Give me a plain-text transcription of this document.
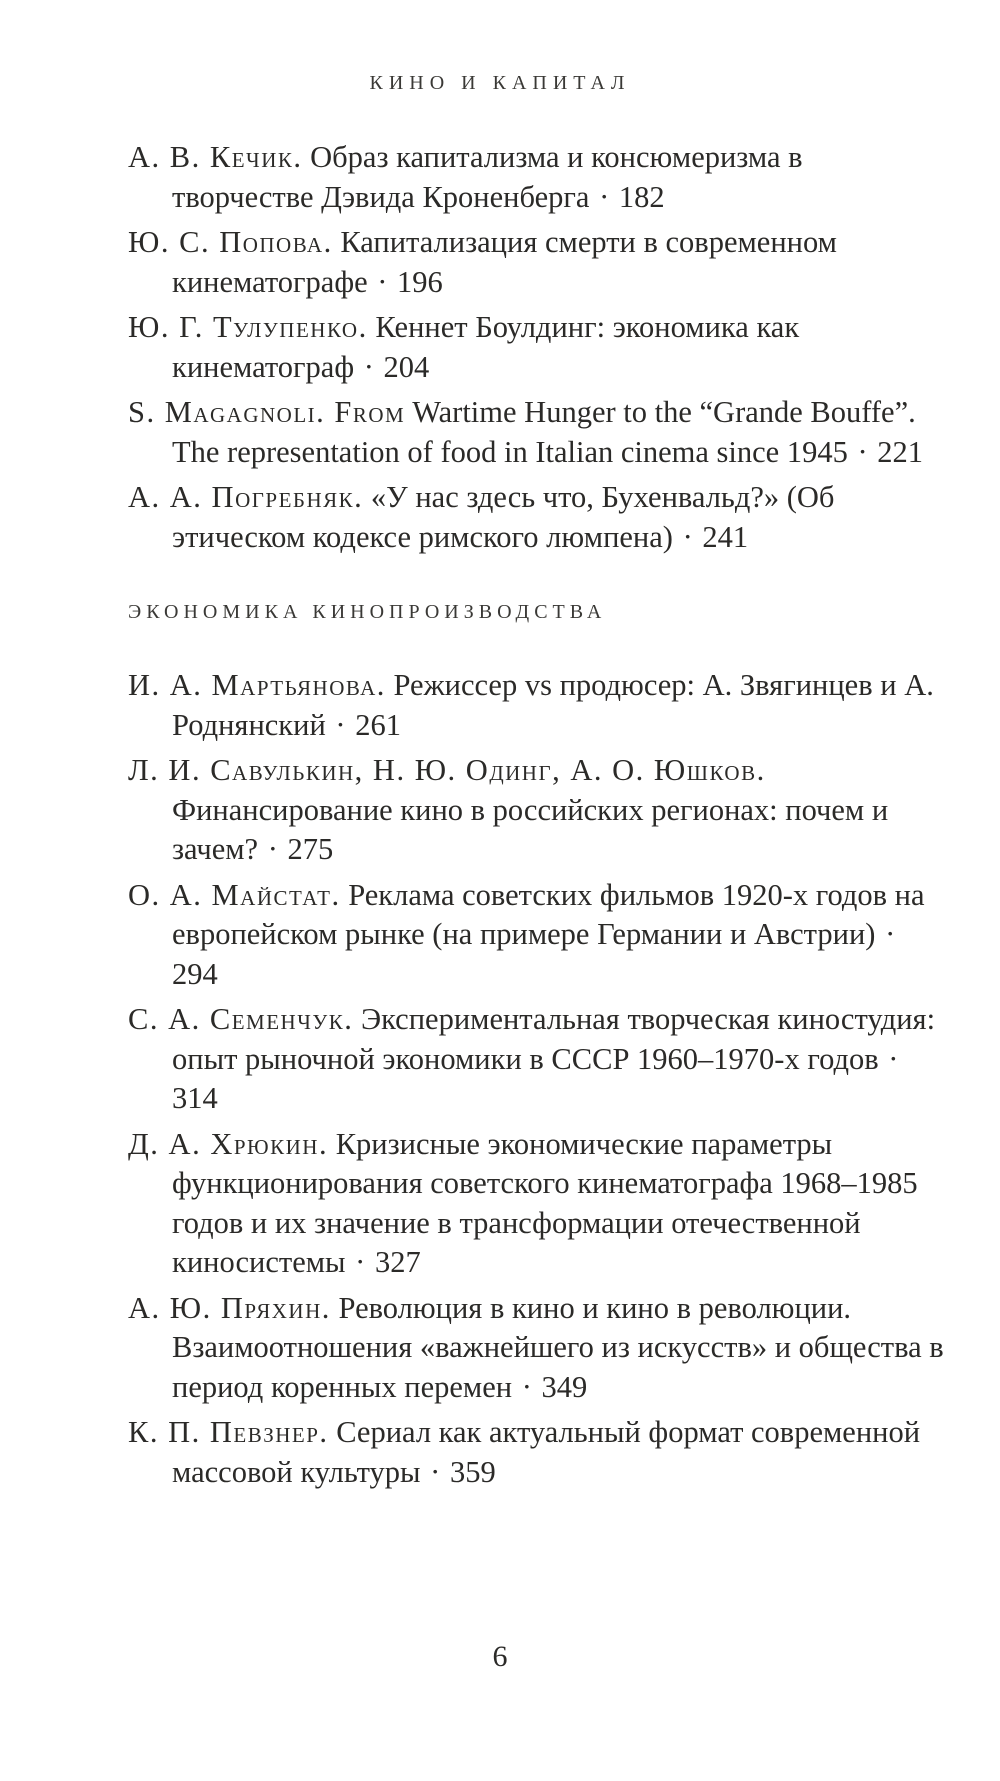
КИНО И КАПИТАЛ
А. В. Кечик. Образ капитализма и консюмеризма в творчестве Дэвида Кроненберга · 182
Ю. С. Попова. Капитализация смерти в современном кинематографе · 196
Ю. Г. Тулупенко. Кеннет Боулдинг: экономика как кинематограф · 204
S. Magagnoli. From Wartime Hunger to the “Grande Bouffe”. The representation of food in Italian cinema since 1945 · 221
А. А. Погребняк. «У нас здесь что, Бухенвальд?» (Об этическом кодексе римского люмпена) · 241
ЭКОНОМИКА КИНОПРОИЗВОДСТВА
И. А. Мартьянова. Режиссер vs продюсер: А. Звягинцев и А. Роднянский · 261
Л. И. Савулькин, Н. Ю. Одинг, А. О. Юшков. Финансирование кино в российских регионах: почем и зачем? · 275
О. А. Майстат. Реклама советских фильмов 1920-х годов на европейском рынке (на примере Германии и Австрии) · 294
С. А. Семенчук. Экспериментальная творческая киностудия: опыт рыночной экономики в СССР 1960–1970-х годов · 314
Д. А. Хрюкин. Кризисные экономические параметры функционирования советского кинематографа 1968–1985 годов и их значение в трансформации отечественной киносистемы · 327
А. Ю. Пряхин. Революция в кино и кино в революции. Взаимоотношения «важнейшего из искусств» и общества в период коренных перемен · 349
К. П. Певзнер. Сериал как актуальный формат современной массовой культуры · 359
6
